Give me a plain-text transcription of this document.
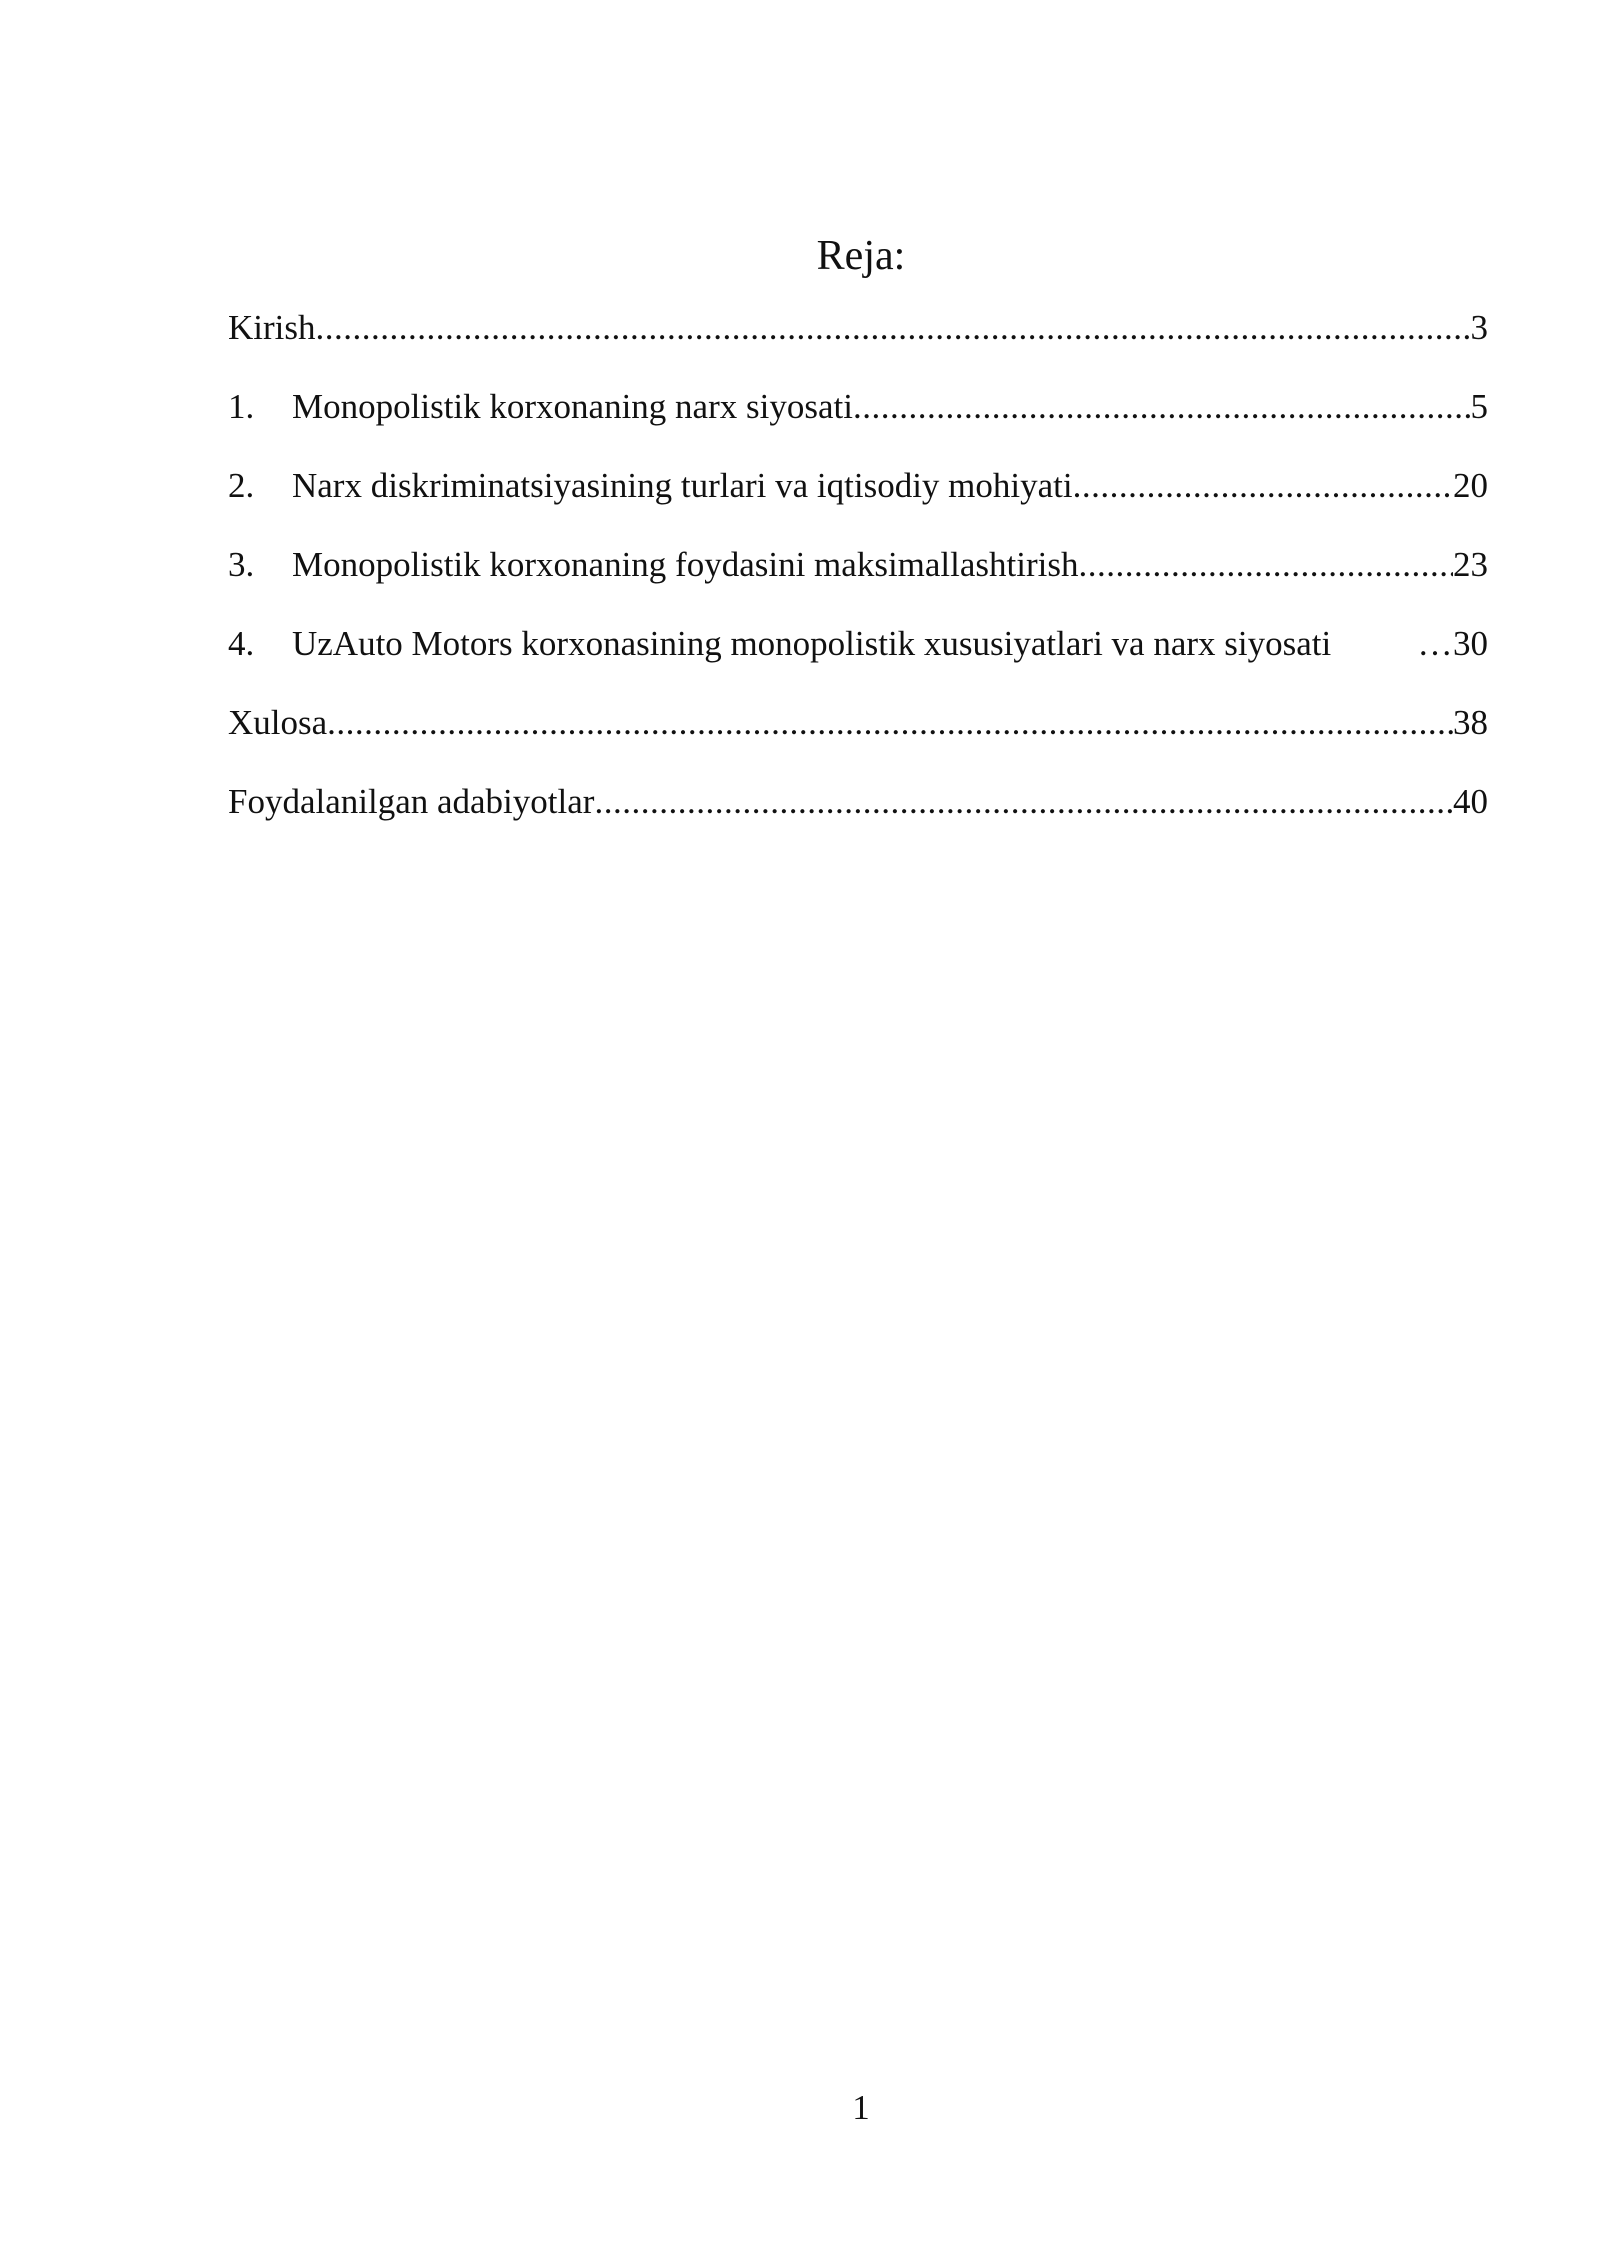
Reja:
Kirish .....	3
1.	Monopolistik korxonaning narx siyosati .....	5
2.	Narx diskriminatsiyasining turlari va iqtisodiy mohiyati .....	20
3.	Monopolistik korxonaning foydasini maksimallashtirish .....	23
4.	UzAuto Motors korxonasining monopolistik xususiyatlari va narx siyosati …	30
Xulosa .....	38
Foydalanilgan adabiyotlar .....	40
1
